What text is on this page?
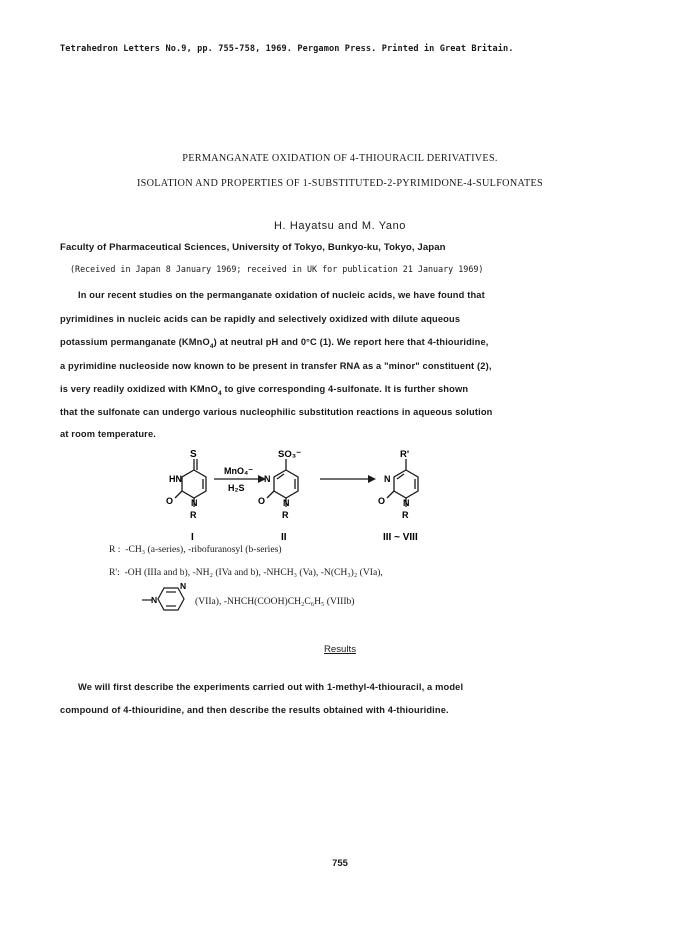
Tetrahedron Letters No.9, pp. 755-758, 1969. Pergamon Press. Printed in Great Britain.
PERMANGANATE OXIDATION OF 4-THIOURACIL DERIVATIVES.
ISOLATION AND PROPERTIES OF 1-SUBSTITUTED-2-PYRIMIDONE-4-SULFONATES
H. Hayatsu and M. Yano
Faculty of Pharmaceutical Sciences, University of Tokyo, Bunkyo-ku, Tokyo, Japan
(Received in Japan 8 January 1969; received in UK for publication 21 January 1969)
In our recent studies on the permanganate oxidation of nucleic acids, we have found that
pyrimidines in nucleic acids can be rapidly and selectively oxidized with dilute aqueous
potassium permanganate (KMnO$_4$) at neutral pH and 0°C (1). We report here that 4-thiouridine,
a pyrimidine nucleoside now known to be present in transfer RNA as a "minor" constituent (2),
is very readily oxidized with KMnO$_4$ to give corresponding 4-sulfonate. It is further shown
that the sulfonate can undergo various nucleophilic substitution reactions in aqueous solution
at room temperature.
S
HN
O N
R
I
MnO₄⁻
H₂S
SO₃⁻
N
O N
R
II
R'
N
O N
R
III ~ VIII
R : -CH₃ (a-series), -ribofuranosyl (b-series)
R': -OH (IIIa and b), -NH₂ (IVa and b), -NHCH₃ (Va), -N(CH₃)₂ (VIa),
N
N
(VIIa), -NHCH(COOH)CH₂C₆H₅ (VIIIb)
Results
We will first describe the experiments carried out with 1-methyl-4-thiouracil, a model
compound of 4-thiouridine, and then describe the results obtained with 4-thiouridine.
755
